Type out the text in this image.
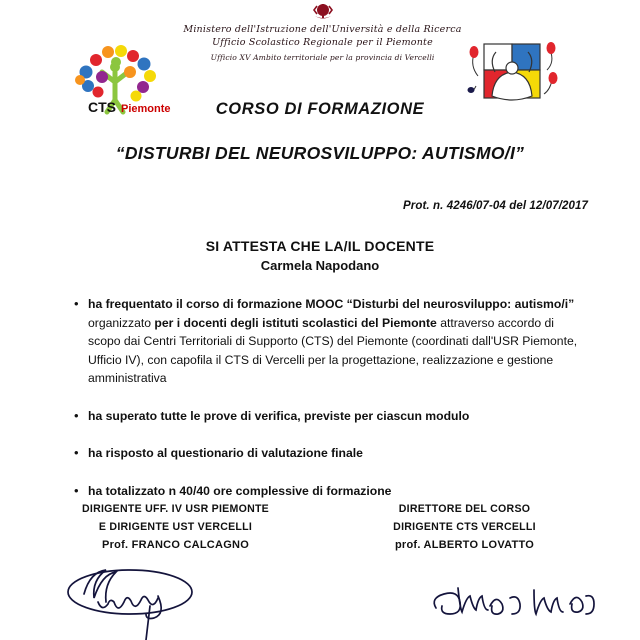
CTS Piemonte
Ministero dell'Istruzione dell'Università e della Ricerca
Ufficio Scolastico Regionale per il Piemonte
Ufficio XV Ambito territoriale per la provincia di Vercelli
CORSO DI FORMAZIONE
“DISTURBI DEL NEUROSVILUPPO: AUTISMO/I”
Prot. n. 4246/07-04 del 12/07/2017
SI ATTESTA CHE LA/IL DOCENTE
Carmela Napodano
• ha frequentato il corso di formazione MOOC “Disturbi del neurosviluppo: autismo/i” organizzato per i docenti degli istituti scolastici del Piemonte attraverso accordo di scopo dai Centri Territoriali di Supporto (CTS) del Piemonte (coordinati dall'USR Piemonte, Ufficio IV), con capofila il CTS di Vercelli per la progettazione, realizzazione e gestione amministrativa
• ha superato tutte le prove di verifica, previste per ciascun modulo
• ha risposto al questionario di valutazione finale
• ha totalizzato n 40/40 ore complessive di formazione
DIRIGENTE UFF. IV USR PIEMONTE
E DIRIGENTE UST VERCELLI
Prof. FRANCO CALCAGNO
DIRETTORE DEL CORSO
DIRIGENTE CTS VERCELLI
prof. ALBERTO LOVATTO
